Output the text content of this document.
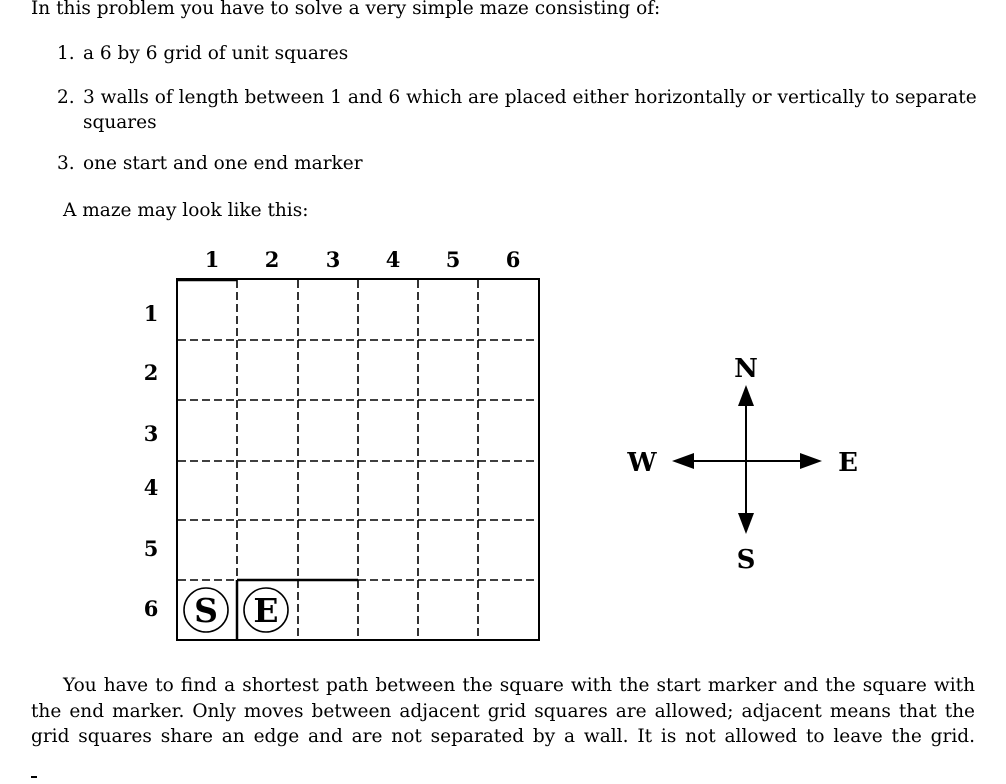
In this problem you have to solve a very simple maze consisting of:
1. a 6 by 6 grid of unit squares
2. 3 walls of length between 1 and 6 which are placed either horizontally or vertically to separate
squares
3. one start and one end marker
A maze may look like this:
1 2 3 4 5 6
1
2
3
4
5
6 S E
N
S
W	E
You have to find a shortest path between the square with the start marker and the square with the end marker. Only moves between adjacent grid squares are allowed; adjacent means that the grid squares share an edge and are not separated by a wall. It is not allowed to leave the grid.
